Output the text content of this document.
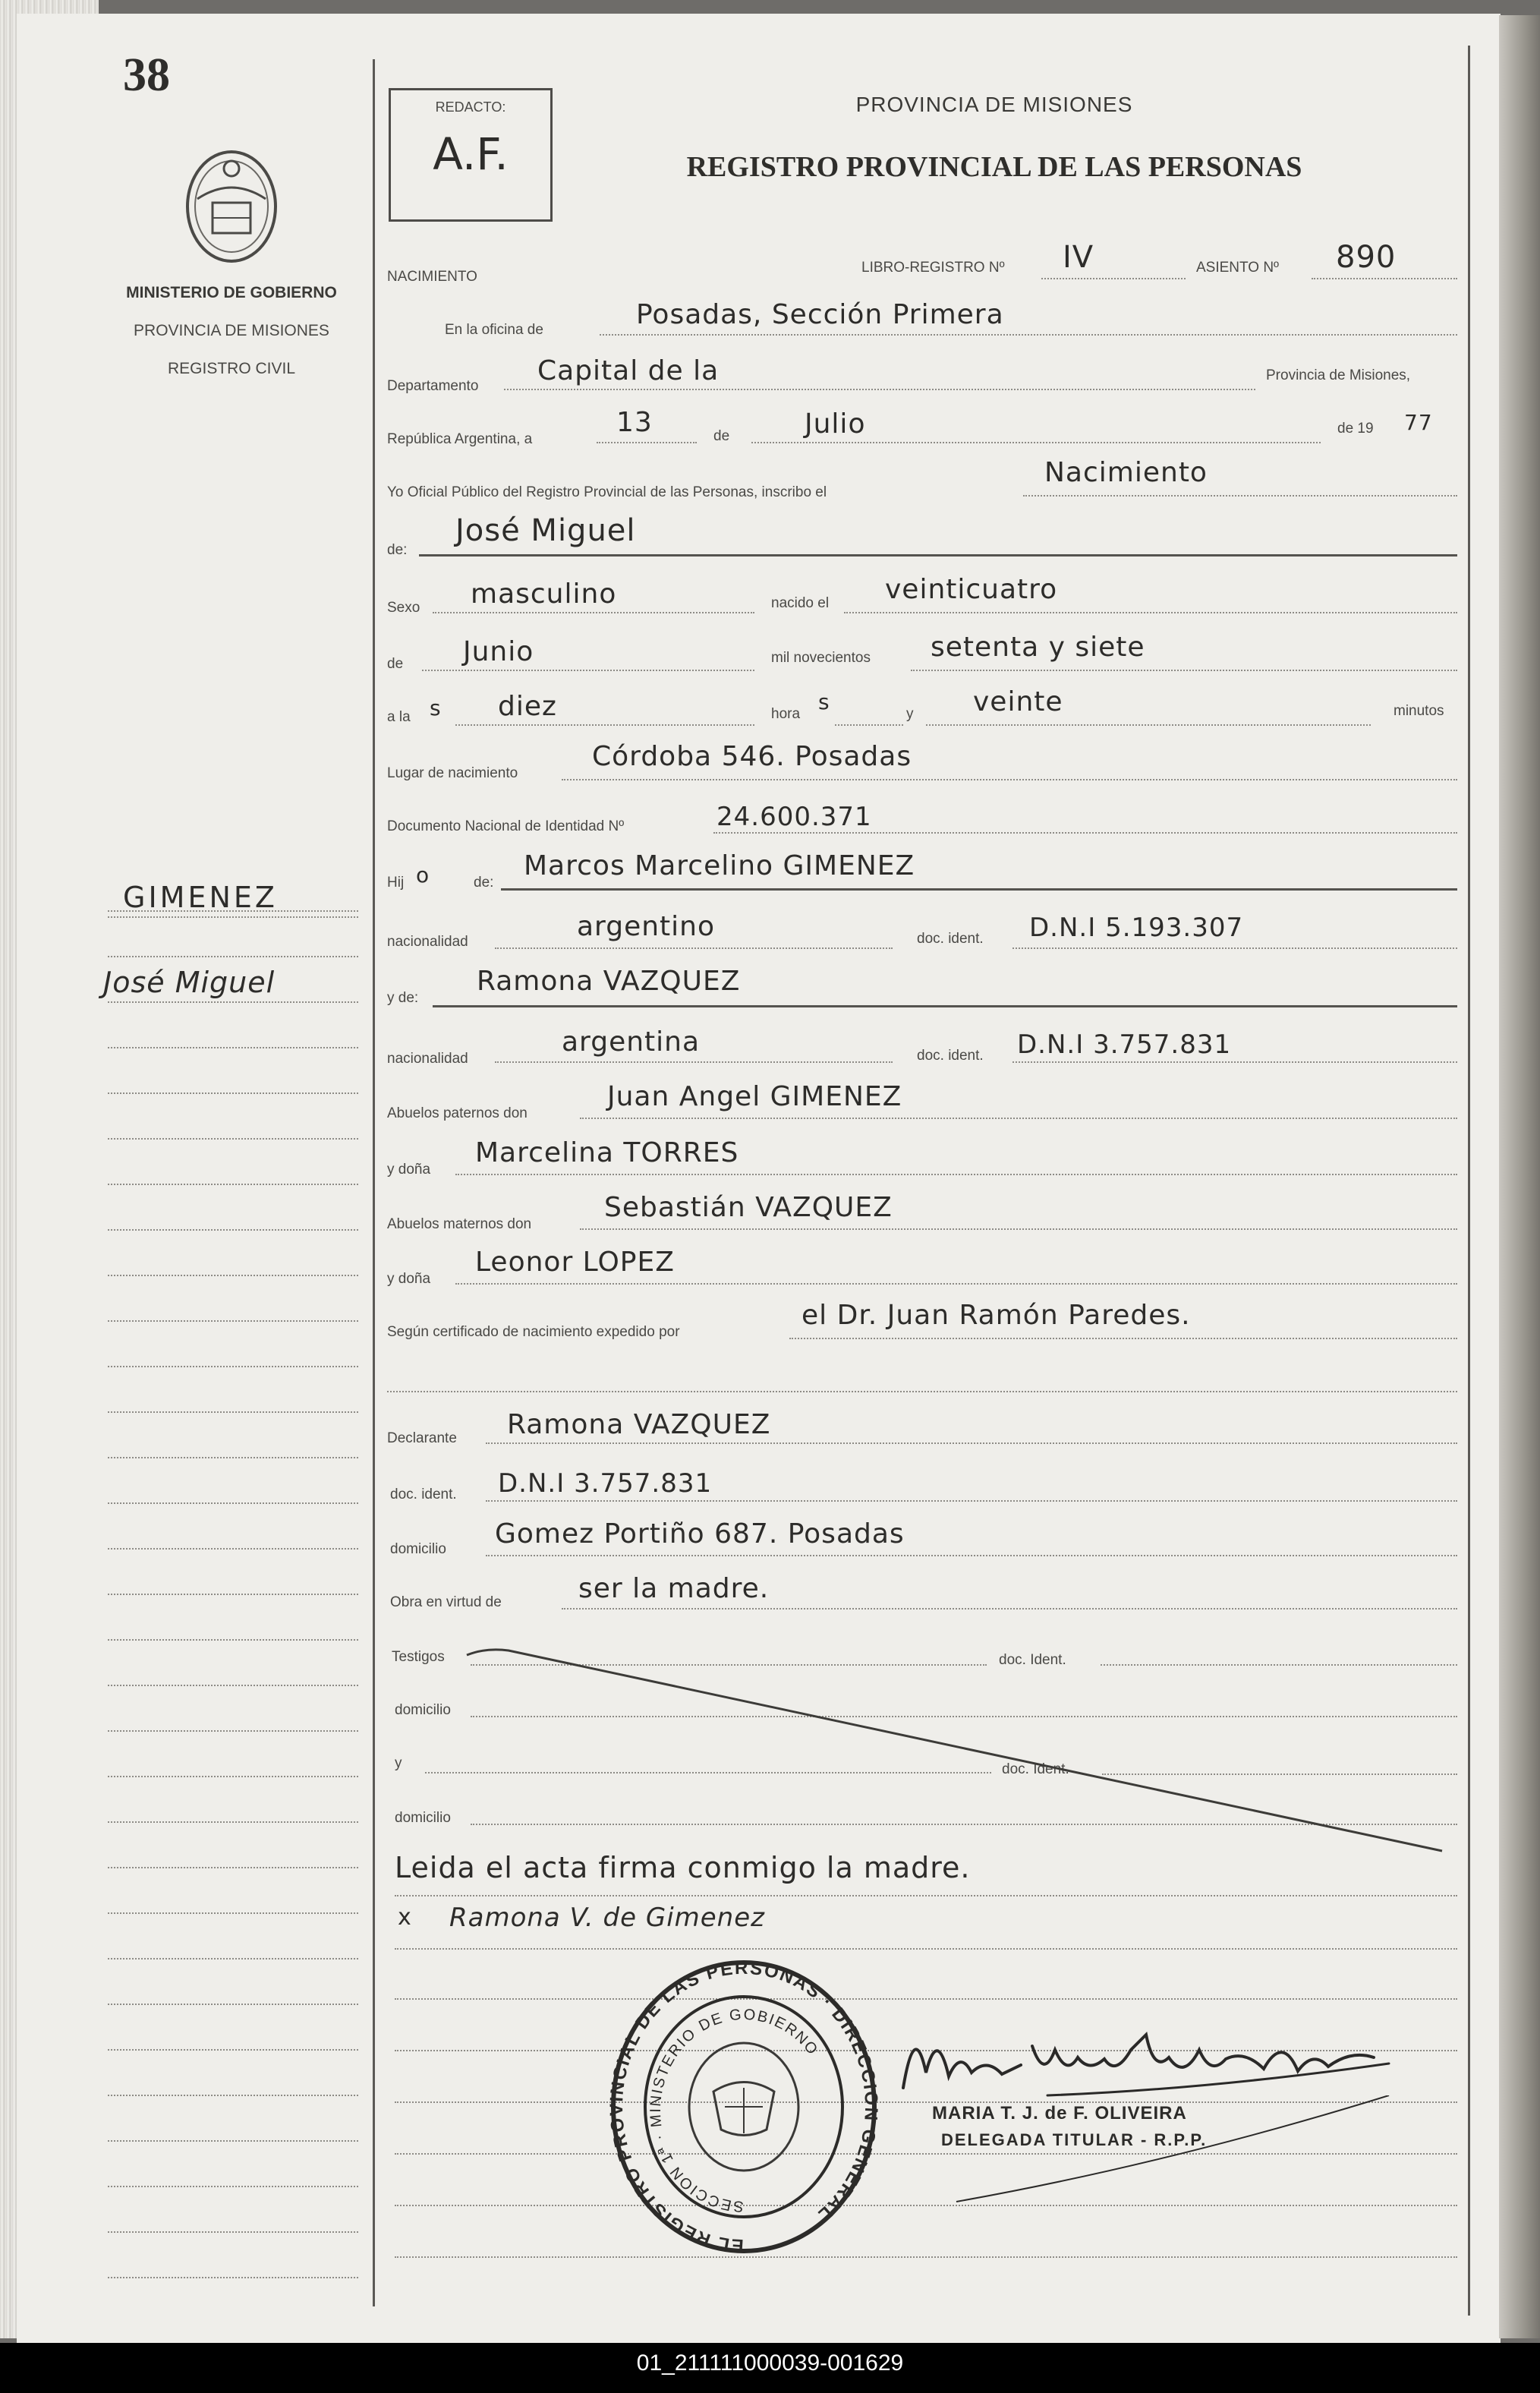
38
MINISTERIO DE GOBIERNO
PROVINCIA DE MISIONES
REGISTRO CIVIL
GIMENEZ
José Miguel
REDACTO:
A.F.
PROVINCIA DE MISIONES
REGISTRO PROVINCIAL DE LAS PERSONAS
NACIMIENTO
LIBRO-REGISTRO Nº IV	ASIENTO Nº 890
En la oficina de	Posadas, Sección Primera
Departamento Capital de la	Provincia de Misiones,
República Argentina, a
13	de	Julio	de 19 77
Yo Oficial Público del Registro Provincial de las Personas, inscribo el
Nacimiento
de:
José Miguel
Sexo masculino	nacido el veinticuatro
de Junio	mil novecientos setenta y siete
a la s diez	hora s	y veinte	minutos
Lugar de nacimiento
Córdoba 546. Posadas
Documento Nacional de Identidad Nº	24.600.371
Hij o	de:
Marcos Marcelino GIMENEZ
nacionalidad	argentino	doc. ident. D.N.I 5.193.307
y de:
Ramona VAZQUEZ
nacionalidad
argentina	doc. ident. D.N.I 3.757.831
Abuelos paternos don
Juan Angel GIMENEZ
y doña
Marcelina TORRES
Abuelos maternos don
Sebastián VAZQUEZ
y doña
Leonor LOPEZ
Según certificado de nacimiento expedido por
el Dr. Juan Ramón Paredes.
Declarante Ramona VAZQUEZ
doc. ident. D.N.I 3.757.831
domicilio Gomez Portiño 687. Posadas
Obra en virtud de	ser la madre.
Testigos	doc. Ident.
domicilio
y	doc. Ident.
domicilio
Leida el acta firma conmigo la madre.
x Ramona V. de Gimenez
EL REGISTRO PROVINCIAL DE LAS PERSONAS · DIRECCION GENERAL
SECCION 1ª · MINISTERIO DE GOBIERNO
MARIA T. J. de F. OLIVEIRA
DELEGADA TITULAR - R.P.P.
01_211111000039-001629
